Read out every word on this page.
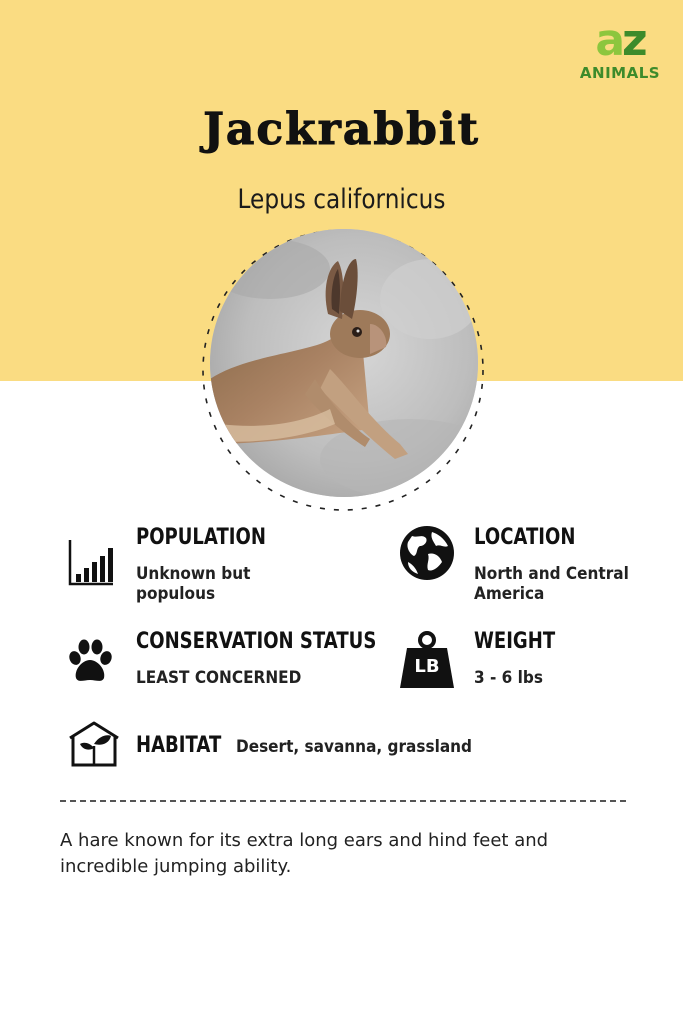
az
ANIMALS
Jackrabbit
Lepus californicus
POPULATION
Unknown but populous
LOCATION
North and Central America
CONSERVATION STATUS
LEAST CONCERNED
LB
WEIGHT
3 - 6 lbs
HABITAT Desert, savanna, grassland
A hare known for its extra long ears and hind feet and incredible jumping ability.
